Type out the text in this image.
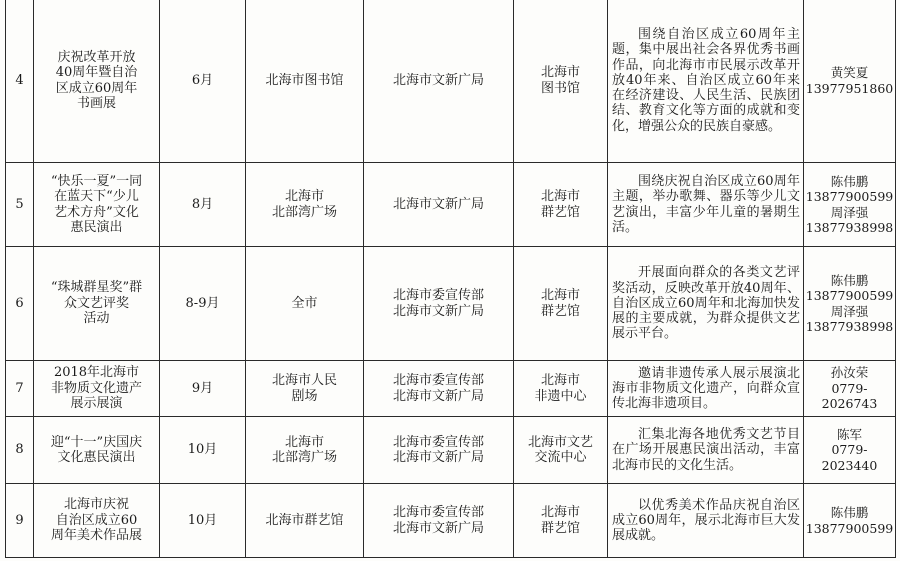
4	庆祝改革开放
40周年暨自治
区成立60周年
书画展	6月	北海市图书馆	北海市文新广局	北海市
图书馆	围绕自治区成立60周年主题，集中展出社会各界优秀书画作品，向北海市市民展示改革开放40年来、自治区成立60年来在经济建设、人民生活、民族团结、教育文化等方面的成就和变化，增强公众的民族自豪感。	黄笑夏
13977951860

5	“快乐一夏”一同
在蓝天下“少儿
艺术方舟”文化
惠民演出	8月	北海市
北部湾广场	北海市文新广局	北海市
群艺馆	围绕庆祝自治区成立60周年主题，举办歌舞、器乐等少儿文艺演出，丰富少年儿童的暑期生活。	陈伟鹏
13877900599
周泽强
13877938998

6	“珠城群星奖”群
众文艺评奖
活动	8-9月	全市	北海市委宣传部
北海市文新广局	北海市
群艺馆	开展面向群众的各类文艺评奖活动，反映改革开放40周年、自治区成立60周年和北海加快发展的主要成就，为群众提供文艺展示平台。	陈伟鹏
13877900599
周泽强
13877938998

7	2018年北海市
非物质文化遗产
展示展演	9月	北海市人民
剧场	北海市委宣传部
北海市文新广局	北海市
非遗中心	邀请非遗传承人展示展演北海市非物质文化遗产，向群众宣传北海非遗项目。	孙汝荣
0779-
2026743

8	迎“十一”庆国庆
文化惠民演出	10月	北海市
北部湾广场	北海市委宣传部
北海市文新广局	北海市文艺
交流中心	汇集北海各地优秀文艺节目在广场开展惠民演出活动，丰富北海市民的文化生活。	陈军
0779-
2023440

9	北海市庆祝
自治区成立60
周年美术作品展	10月	北海市群艺馆	北海市委宣传部
北海市文新广局	北海市
群艺馆	以优秀美术作品庆祝自治区成立60周年，展示北海市巨大发展成就。	陈伟鹏
13877900599
